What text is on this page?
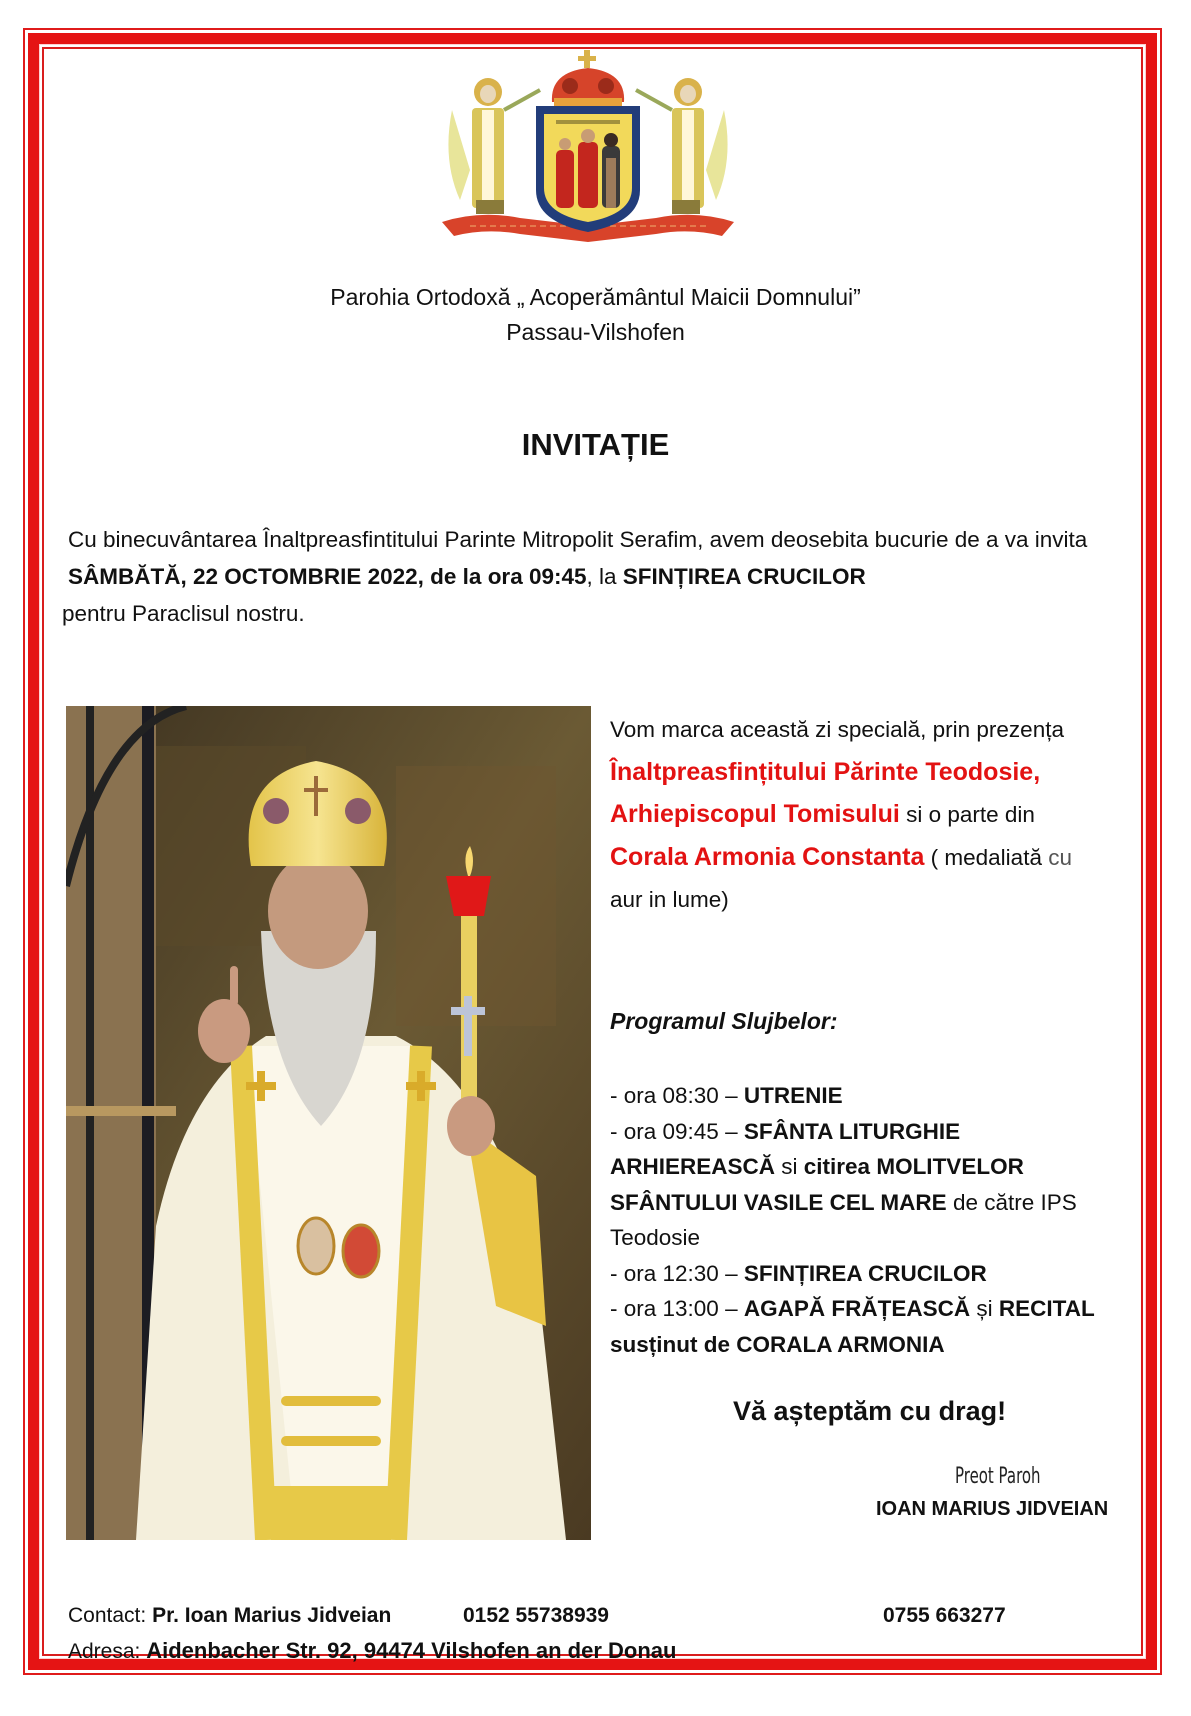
Parohia Ortodoxă „ Acoperământul Maicii Domnului”
Passau-Vilshofen
INVITAȚIE
Cu binecuvântarea Înaltpreasfintitului Parinte Mitropolit Serafim, avem deosebita bucurie de a va invita SÂMBĂTĂ, 22 OCTOMBRIE 2022, de la ora 09:45, la SFINȚIREA CRUCILOR
pentru Paraclisul nostru.
Vom marca această zi specială, prin prezența
Înaltpreasfințitului Părinte Teodosie,
Arhiepiscopul Tomisului si o parte din
Corala Armonia Constanta ( medaliată cu
aur in lume)
Programul Slujbelor:
- ora 08:30 – UTRENIE
- ora 09:45 – SFÂNTA LITURGHIE
ARHIEREASCĂ si citirea MOLITVELOR
SFÂNTULUI VASILE CEL MARE de către IPS
Teodosie
- ora 12:30 – SFINȚIREA CRUCILOR
- ora 13:00 – AGAPĂ FRĂȚEASCĂ și RECITAL
susținut de CORALA ARMONIA
Vă așteptăm cu drag!
Preot Paroh
IOAN MARIUS JIDVEIAN
Contact: Pr. Ioan Marius Jidveian	0152 55738939	0755 663277
Adresa: Aidenbacher Str. 92, 94474 Vilshofen an der Donau
